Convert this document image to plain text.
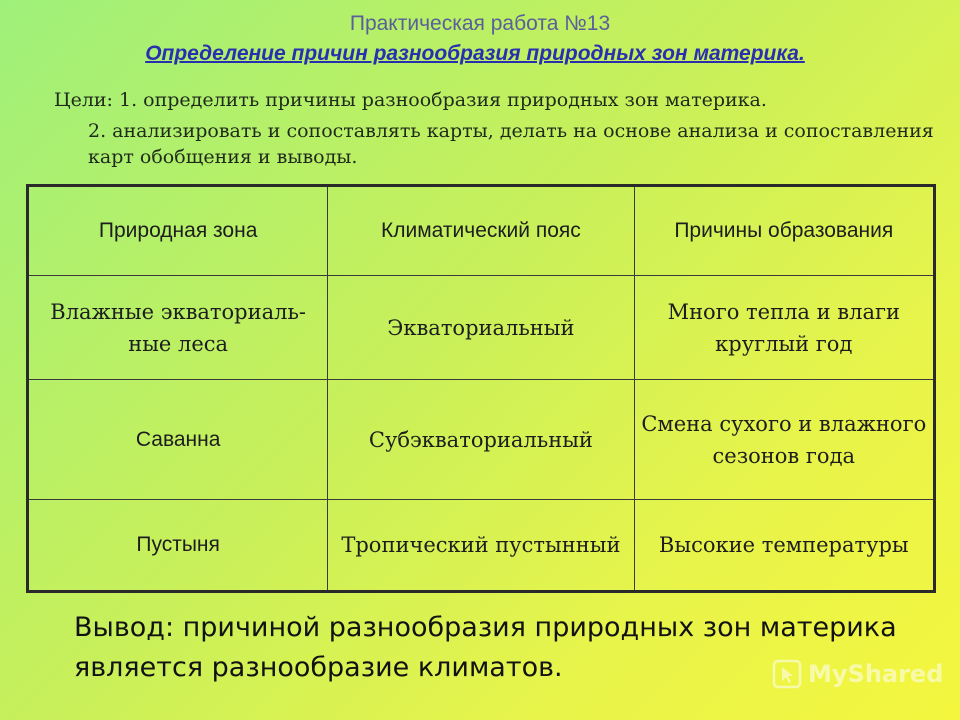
Практическая работа №13
Определение причин разнообразия природных зон материка.
Цели: 1. определить причины разнообразия природных зон материка.
2. анализировать и сопоставлять карты, делать на основе анализа и сопоставления карт обобщения и выводы.
Природная зона	Климатический пояс	Причины образования
Влажные экваториаль-ные леса	Экваториальный	Много тепла и влаги круглый год
Саванна	Субэкваториальный	Смена сухого и влажного сезонов года
Пустыня	Тропический пустынный	Высокие температуры
Вывод: причиной разнообразия природных зон материка является разнообразие климатов.	MyShared
